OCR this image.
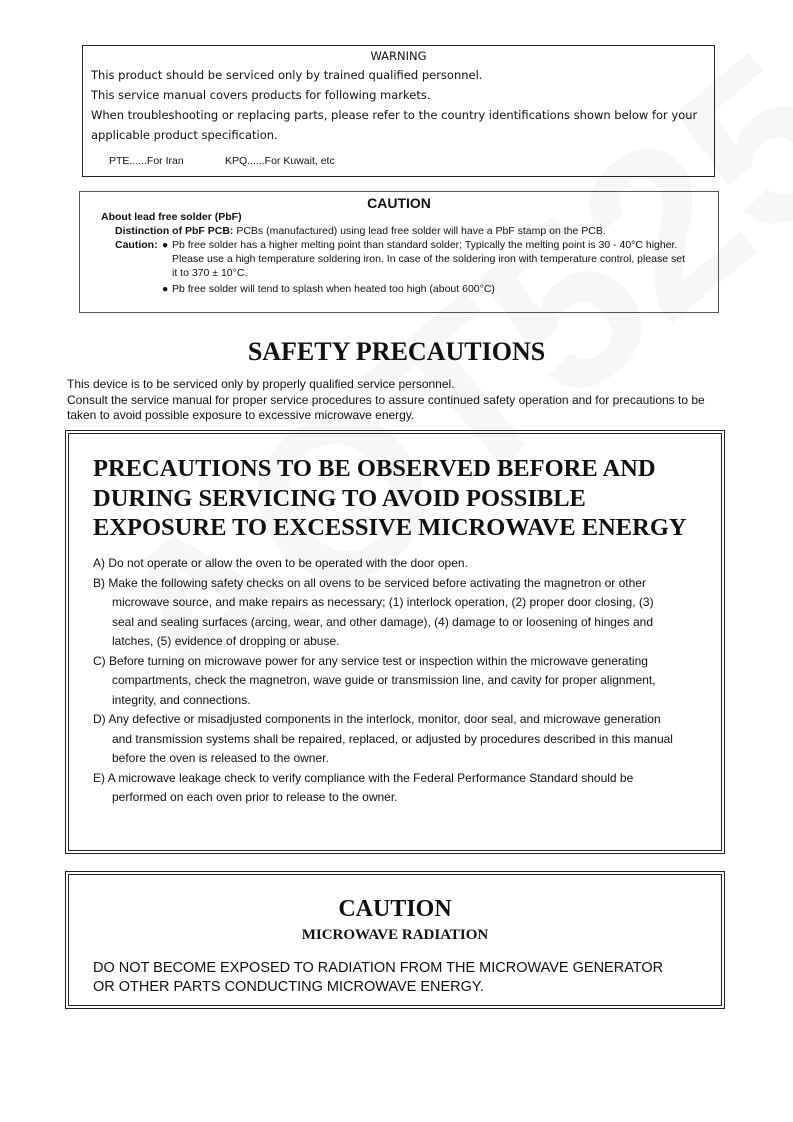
WARNING
This product should be serviced only by trained qualified personnel.
This service manual covers products for following markets.
When troubleshooting or replacing parts, please refer to the country identifications shown below for your
applicable product specification.
PTE......For Iran	KPQ......For Kuwait, etc
CAUTION
About lead free solder (PbF)
Distinction of PbF PCB: PCBs (manufactured) using lead free solder will have a PbF stamp on the PCB.
Caution: ● Pb free solder has a higher melting point than standard solder; Typically the melting point is 30 - 40°C higher.
Please use a high temperature soldering iron. In case of the soldering iron with temperature control, please set
it to 370 ± 10°C.
● Pb free solder will tend to splash when heated too high (about 600°C)
SAFETY PRECAUTIONS
This device is to be serviced only by properly qualified service personnel.
Consult the service manual for proper service procedures to assure continued safety operation and for precautions to be
taken to avoid possible exposure to excessive microwave energy.
PRECAUTIONS TO BE OBSERVED BEFORE AND
DURING SERVICING TO AVOID POSSIBLE
EXPOSURE TO EXCESSIVE MICROWAVE ENERGY
A) Do not operate or allow the oven to be operated with the door open.
B) Make the following safety checks on all ovens to be serviced before activating the magnetron or other
microwave source, and make repairs as necessary; (1) interlock operation, (2) proper door closing, (3)
seal and sealing surfaces (arcing, wear, and other damage), (4) damage to or loosening of hinges and
latches, (5) evidence of dropping or abuse.
C) Before turning on microwave power for any service test or inspection within the microwave generating
compartments, check the magnetron, wave guide or transmission line, and cavity for proper alignment,
integrity, and connections.
D) Any defective or misadjusted components in the interlock, monitor, door seal, and microwave generation
and transmission systems shall be repaired, replaced, or adjusted by procedures described in this manual
before the oven is released to the owner.
E) A microwave leakage check to verify compliance with the Federal Performance Standard should be
performed on each oven prior to release to the owner.
CAUTION
MICROWAVE RADIATION
DO NOT BECOME EXPOSED TO RADIATION FROM THE MICROWAVE GENERATOR
OR OTHER PARTS CONDUCTING MICROWAVE ENERGY.
